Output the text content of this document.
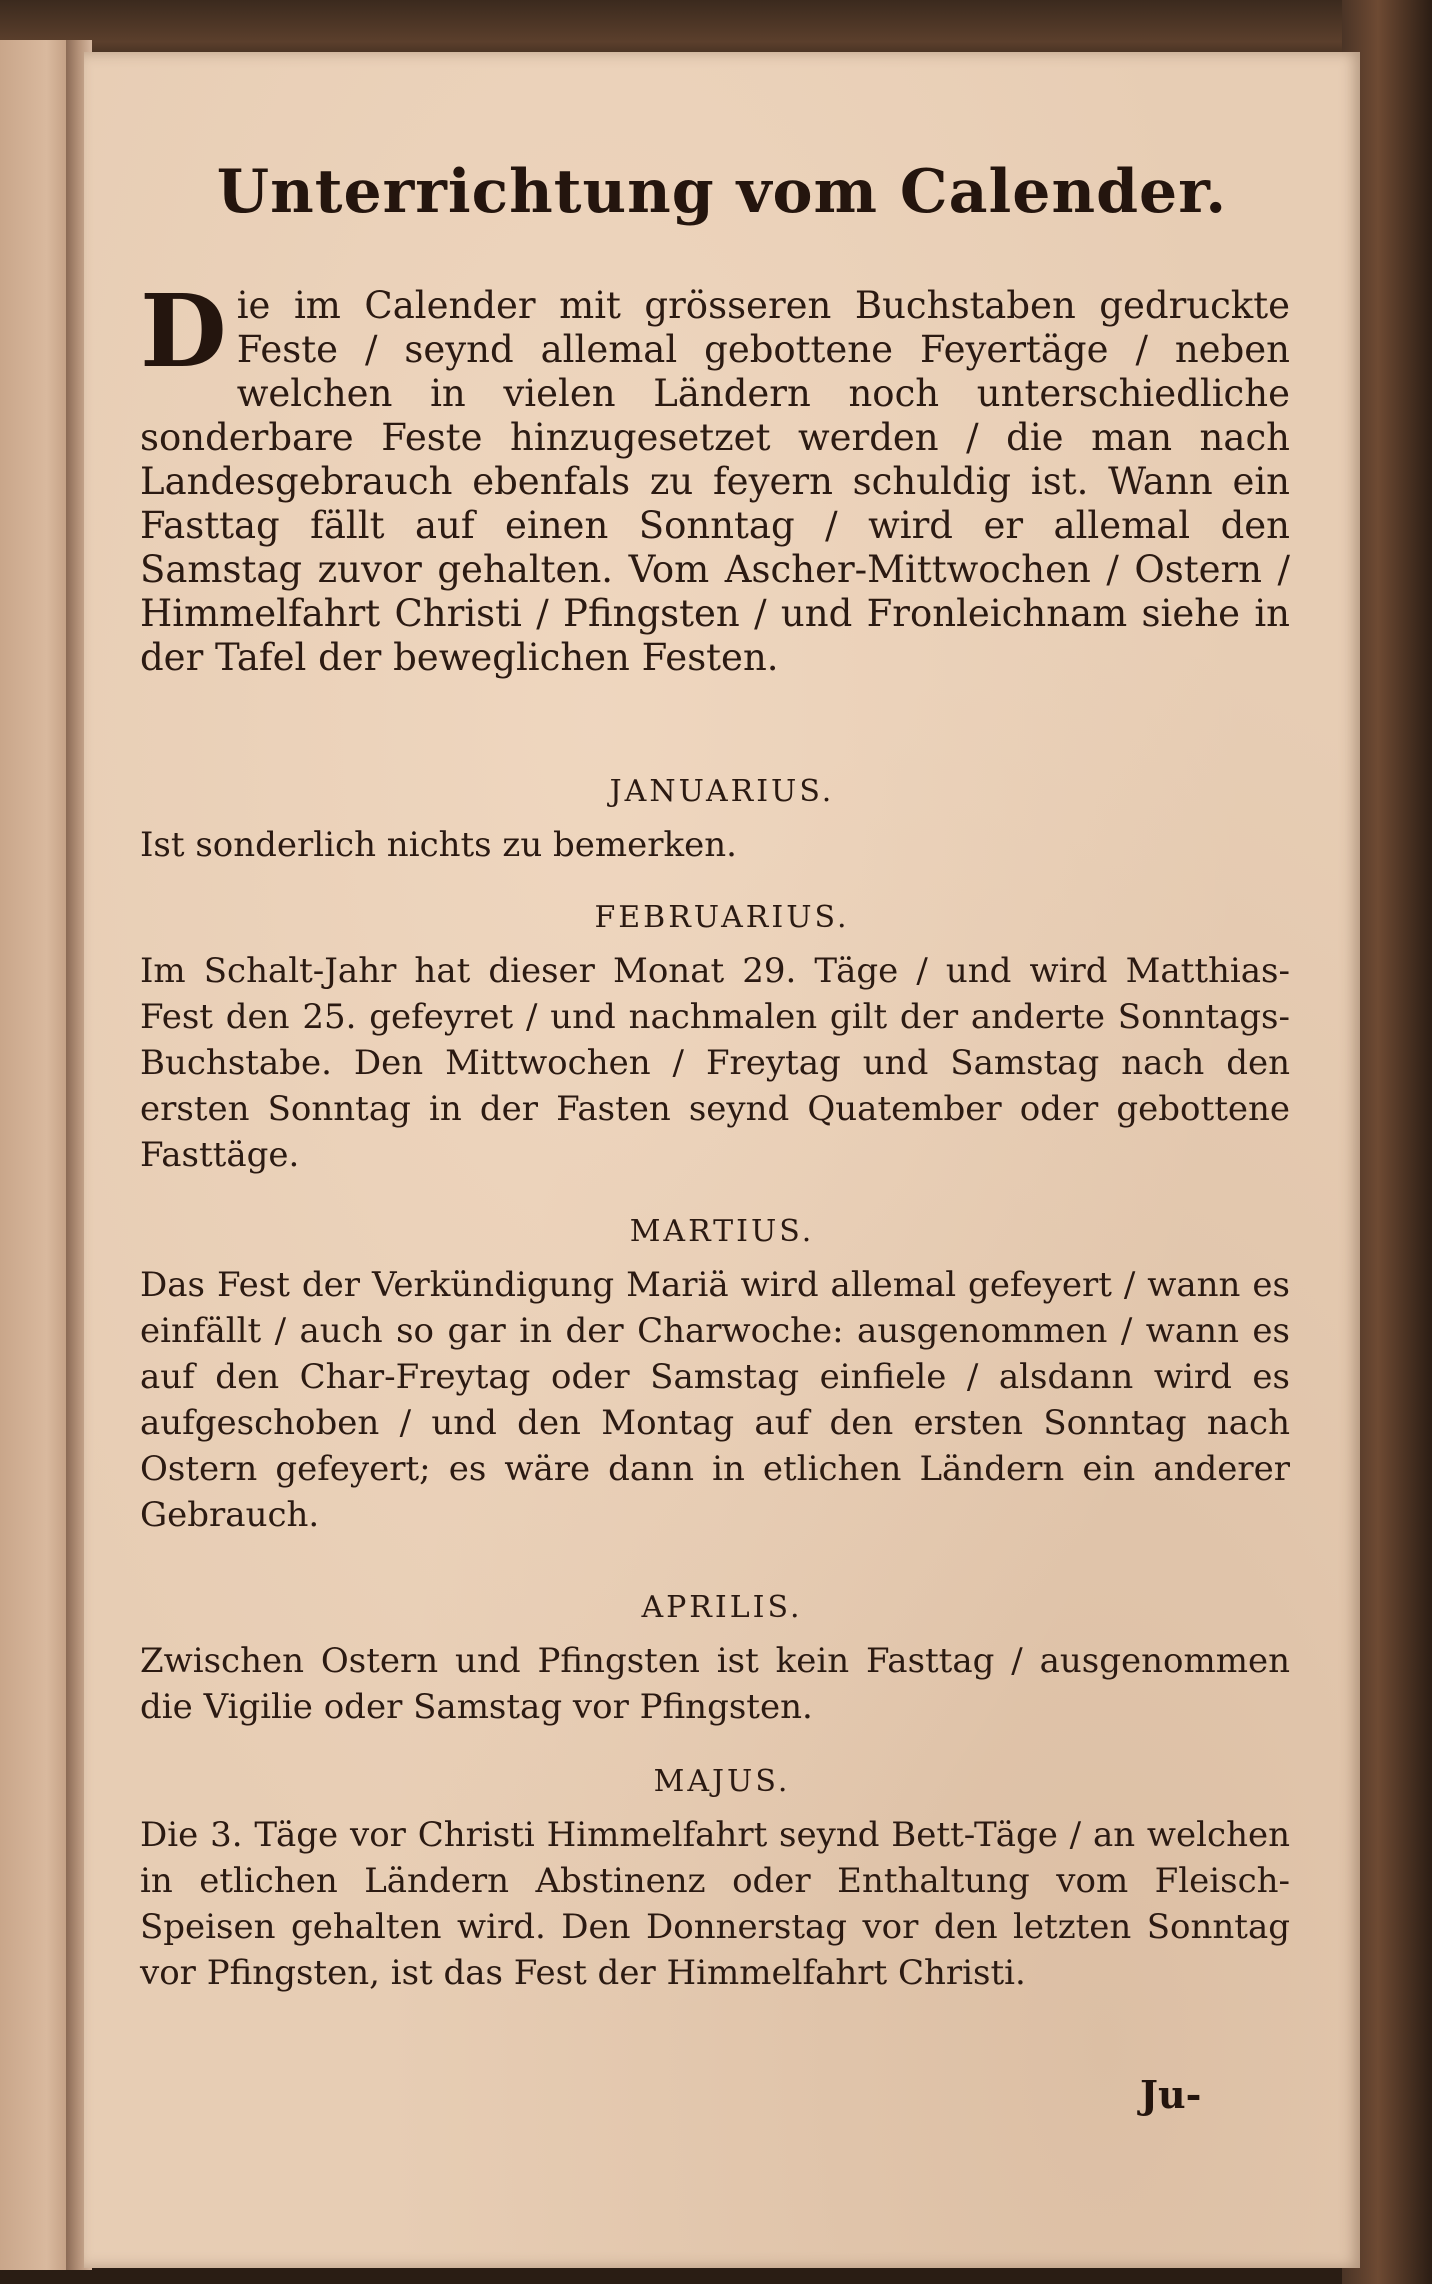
Unterrichtung vom Calender.
Die im Calender mit grösseren Buchstaben gedruckte Feste / seynd allemal gebottene Feyertäge / neben welchen in vielen Ländern noch unterschiedliche sonderbare Feste hinzugesetzet werden / die man nach Landesgebrauch ebenfals zu feyern schuldig ist. Wann ein Fasttag fällt auf einen Sonntag / wird er allemal den Samstag zuvor gehalten. Vom Ascher-Mittwochen / Ostern / Himmelfahrt Christi / Pfingsten / und Fronleichnam siehe in der Tafel der beweglichen Festen.
JANUARIUS.
Ist sonderlich nichts zu bemerken.
FEBRUARIUS.
Im Schalt-Jahr hat dieser Monat 29. Täge / und wird Matthias-Fest den 25. gefeyret / und nachmalen gilt der anderte Sonntags-Buchstabe. Den Mittwochen / Freytag und Samstag nach den ersten Sonntag in der Fasten seynd Quatember oder gebottene Fasttäge.
MARTIUS.
Das Fest der Verkündigung Mariä wird allemal gefeyert / wann es einfällt / auch so gar in der Charwoche: ausgenommen / wann es auf den Char-Freytag oder Samstag einfiele / alsdann wird es aufgeschoben / und den Montag auf den ersten Sonntag nach Ostern gefeyert; es wäre dann in etlichen Ländern ein anderer Gebrauch.
APRILIS.
Zwischen Ostern und Pfingsten ist kein Fasttag / ausgenommen die Vigilie oder Samstag vor Pfingsten.
MAJUS.
Die 3. Täge vor Christi Himmelfahrt seynd Bett-Täge / an welchen in etlichen Ländern Abstinenz oder Enthaltung vom Fleisch-Speisen gehalten wird. Den Donnerstag vor den letzten Sonntag vor Pfingsten, ist das Fest der Himmelfahrt Christi.
Ju-
